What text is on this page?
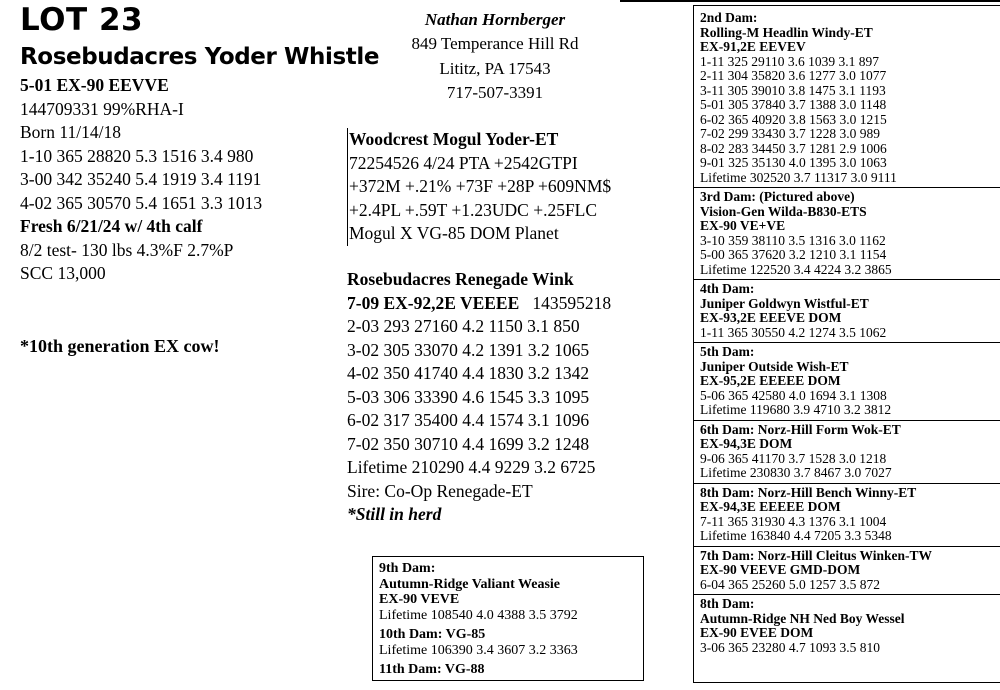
LOT 23
Rosebudacres Yoder Whistle
5-01 EX-90 EEVVE
144709331 99%RHA-I
Born 11/14/18
1-10 365 28820 5.3 1516 3.4 980
3-00 342 35240 5.4 1919 3.4 1191
4-02 365 30570 5.4 1651 3.3 1013
Fresh 6/21/24 w/ 4th calf
8/2 test- 130 lbs 4.3%F 2.7%P
SCC 13,000
*10th generation EX cow!
Nathan Hornberger
849 Temperance Hill Rd
Lititz, PA 17543
717-507-3391
Woodcrest Mogul Yoder-ET
72254526 4/24 PTA +2542GTPI
+372M +.21% +73F +28P +609NM$
+2.4PL +.59T +1.23UDC +.25FLC
Mogul X VG-85 DOM Planet
Rosebudacres Renegade Wink
7-09 EX-92,2E VEEEE 143595218
2-03 293 27160 4.2 1150 3.1 850
3-02 305 33070 4.2 1391 3.2 1065
4-02 350 41740 4.4 1830 3.2 1342
5-03 306 33390 4.6 1545 3.3 1095
6-02 317 35400 4.4 1574 3.1 1096
7-02 350 30710 4.4 1699 3.2 1248
Lifetime 210290 4.4 9229 3.2 6725
Sire: Co-Op Renegade-ET
*Still in herd
9th Dam:
Autumn-Ridge Valiant Weasie
EX-90 VEVE
Lifetime 108540 4.0 4388 3.5 3792
10th Dam: VG-85
Lifetime 106390 3.4 3607 3.2 3363
11th Dam: VG-88
2nd Dam:
Rolling-M Headlin Windy-ET
EX-91,2E EEVEV
1-11 325 29110 3.6 1039 3.1 897
2-11 304 35820 3.6 1277 3.0 1077
3-11 305 39010 3.8 1475 3.1 1193
5-01 305 37840 3.7 1388 3.0 1148
6-02 365 40920 3.8 1563 3.0 1215
7-02 299 33430 3.7 1228 3.0 989
8-02 283 34450 3.7 1281 2.9 1006
9-01 325 35130 4.0 1395 3.0 1063
Lifetime 302520 3.7 11317 3.0 9111
3rd Dam: (Pictured above)
Vision-Gen Wilda-B830-ETS
EX-90 VE+VE
3-10 359 38110 3.5 1316 3.0 1162
5-00 365 37620 3.2 1210 3.1 1154
Lifetime 122520 3.4 4224 3.2 3865
4th Dam:
Juniper Goldwyn Wistful-ET
EX-93,2E EEEVE DOM
1-11 365 30550 4.2 1274 3.5 1062
5th Dam:
Juniper Outside Wish-ET
EX-95,2E EEEEE DOM
5-06 365 42580 4.0 1694 3.1 1308
Lifetime 119680 3.9 4710 3.2 3812
6th Dam: Norz-Hill Form Wok-ET
EX-94,3E DOM
9-06 365 41170 3.7 1528 3.0 1218
Lifetime 230830 3.7 8467 3.0 7027
8th Dam: Norz-Hill Bench Winny-ET
EX-94,3E EEEEE DOM
7-11 365 31930 4.3 1376 3.1 1004
Lifetime 163840 4.4 7205 3.3 5348
7th Dam: Norz-Hill Cleitus Winken-TW
EX-90 VEEVE GMD-DOM
6-04 365 25260 5.0 1257 3.5 872
8th Dam:
Autumn-Ridge NH Ned Boy Wessel
EX-90 EVEE DOM
3-06 365 23280 4.7 1093 3.5 810
